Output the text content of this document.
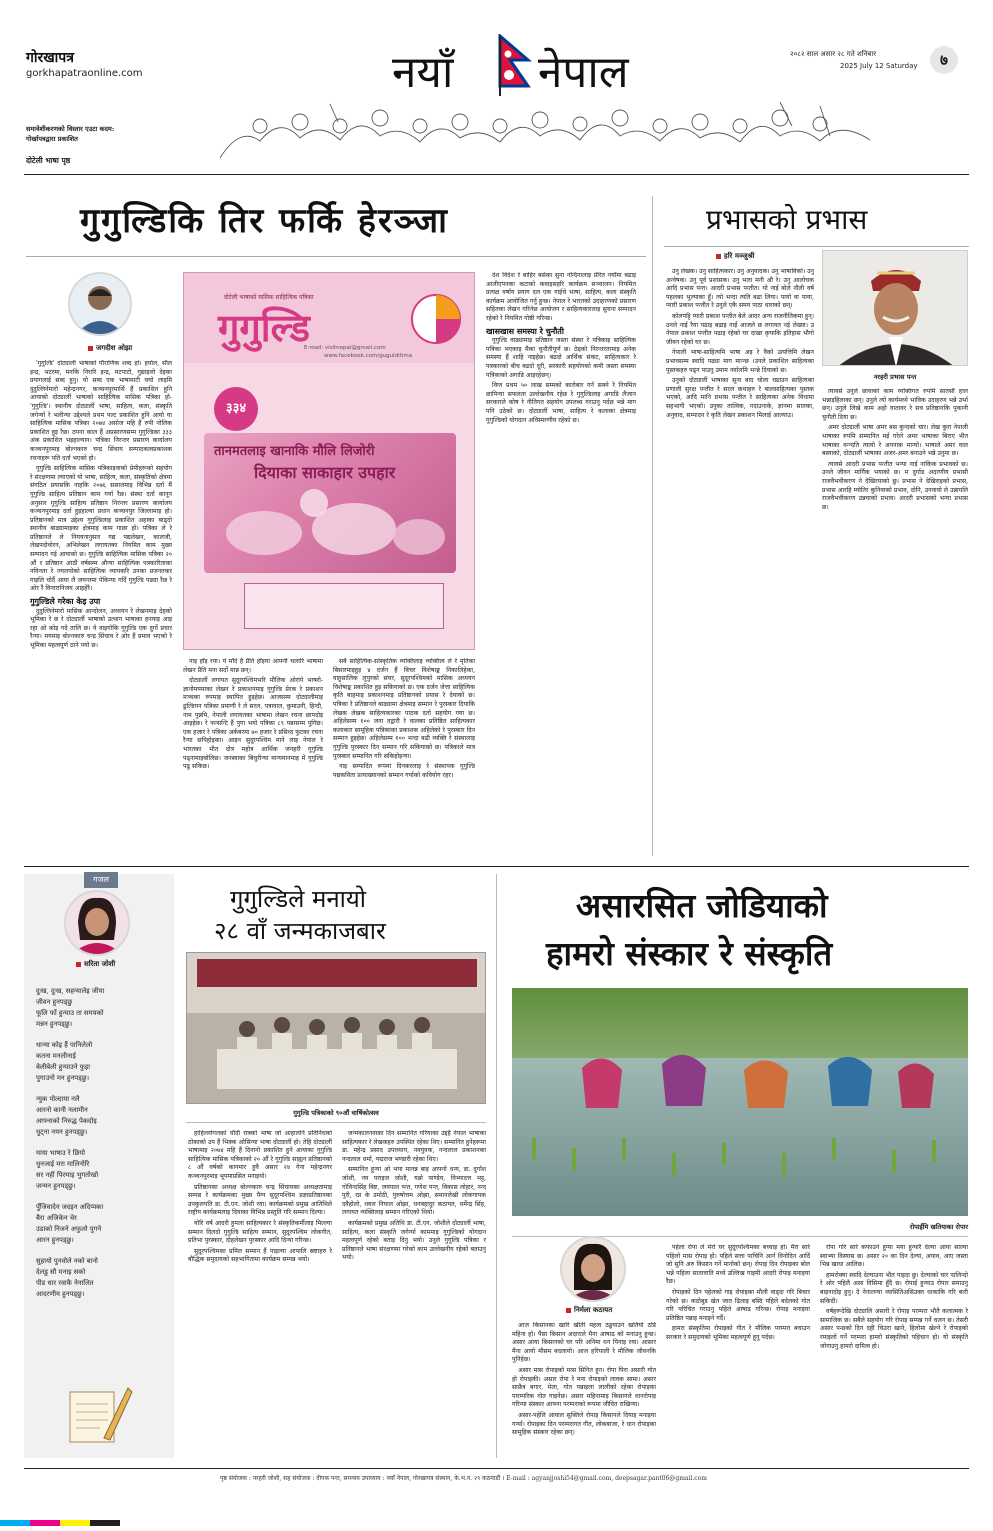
गोरखापत्र
gorkhapatraonline.com
समावेशीकरणको विस्तार एउटा कदम:
गोर्खापत्रद्वारा प्रकाशित
दोटेली भाषा पृष्ठ
नयाँ नेपाल	२०८२ साल असार २८ गते शनिबार
2025 July 12 Saturday	७
गुगुल्डिकि तिर फर्कि हेरञ्जा
जगदीश ओझा

'गुगुल्डि' दोट्यालीं भाषाको पौराणिक शब्द हो। हर्याल, सील इन्द्र, भटरमा, मनकि निरारि इन्द्र, मटपाटो, गुद्याइलो देइका प्रयागलाई सब्द हुनु। यो सब्द एक भाषामाटी चयो लाइमि दुदुल्लिनेमारो महेन्द्रनगर, कञ्चनपुरमार्थि हैं प्रकाशित हुनि आयाको दोट्यालीं भाषाको साहित्यिक मासिक पत्रिका हो- 'गुगुल्डि'। स्थानीय दोट्यालीं भाषा, साहित्य, कला, संस्कृति जगेर्न्या रे भलीन्या उद्देश्यले प्रथम पल्ट प्रकाशित हुनि आयो या साहित्यिक मासिक पत्रिका २०७४ असोज महि हैं रुपी नोलिक प्रकाशित हुइ रैछ। ठपना काल हैं अप्रसारणसम्म गुगुल्डिका ३३३ अंक प्रकाशित भइहाल्यान। पत्रिका निरन्तर प्रसारण कार्यालय कञ्चनपुरमाइ बोल्नकारु चन्द्र सिंचाय सम्पादकत्वप्रकाशक रचनाहरू पति दर्ता भएको हो।

गुगुल्डि साहित्यिक मासिक पत्रिकाइवाको प्रेमीहरूको सहयोग रे संरक्षणमा ल्याएको यो भाषा, साहित्य, कला, संस्कृतिको क्षेत्रमा संगठित प्रयासकि नाहकि २०७६ ससालमाइ विभिन्न दर्ता मैं गुगुल्डि साहित्य प्रतिष्ठान काम गर्या रैछ। संस्था दर्ता कानून अनुसार गुगुल्डि साहित्य प्रतिष्ठान निरन्तर प्रसारण कार्यालय कञ्चनपुरमाइ दर्ता हुइहाल्या प्रधान कञ्चनपुर जिल्लामाइ हो। प्रतिष्ठानको मात्र उद्देश्य गुगुल्डिलाइ प्रकाशित अहाका बाढ्दो स्थानीय बाढ्यामाइका क्षेत्रमाइ काम गाछा हो। पत्रिका ले रे प्रतिष्ठानले ले निययनानुसार गद्य पद्यलेखन, कालजी, लेखपदोवोरन, अभिलेखन लगायतका नियमित काम मुख्य सम्पादन गई आयाको छ। गुगुल्डि साहित्यिक मासिक पत्रिका २० औं र प्रतिष्ठान आठौं वर्षसम्म औन्या साहित्यिक पत्रकारिताका नविनता रे ज्यलपोको साहित्यिक व्यापकरि उनका प्रजनतकर गाइलि चोर्दै आया लै जयन्तमा पेकिन्या गर्दि गुगुल्डि पढ्या रैछ रे ओर रैं विनारानिजय आइहेरै।

गुगुल्डिले गरेका केइ उपा

दुदुल्लिनेमारो मासिक आन्दोलन, अध्ययन रे लेखनमाइ देहको भूमिका रे छ रे दोट्यालीं भाषाको उत्थान भाषाका हनयाइ आइ रहा ओ कोइ गदे तालि छ। ये वाइगोकि गुगुल्डि एक दुर्गो प्रचार रैन्या। मयमाइ बोल्नकारु चन्द्र सिंचाय रे ओर हैं प्रमाव भएको रे भूमिका महत्वपूर्ण ठाने पयो छ।

दोटेली भाषाको मासिक साहित्यिक पत्रिका
गुगुल्डि
E-mail: visitnepal@gmail.com
www.facebook.com/gugulditima
३३४
तानमतलाइ खानाकि मौलि लिजोरी
दियाका साकाहार उपहार

नाइ हाँइ रया। ये माँदे हैं प्रैति हाँइया आफ्नी चलारि भाषामा लेखन प्रैति मना सर्दो मान्न छन्।

दोट्यालीं लगायत सुदूरपश्चिमभरि मौलिक ओरांपे भाषरो-ज्ञानोमयमाका लेखन रे प्रकाशनमाइ गुगुल्डि प्रेरक रे प्रकाशन मञ्चका रुपमाइ स्थापित हुइहेछ। आजसम्म दोट्यालीमाइ ढुल्डियन पत्रिका प्रमाणी रे ले सरल, पत्रावाल, कुमाउनी, हिन्दी, नाम पुन्नमि, नेपाली लगायतका भाषामा लेखन रचना छापदोइ आइहेछ। रे फन्सन्टि हैं पुगा भयो पत्रिका ८९ पन्नासम्म पुगिछ। एक हजार रे पत्रिका अर्कबरमा ७० हजार रे प्रसिध्द फुटका रचना रैन्या छपिहोइका। आइन सुदूरपश्चिम माने लाइ नेपाल रे भारतका भीत दोत्र महोत्र आर्थिक जनहरी गुगुल्डि पढ्नामाइबोलिछ। जनस्वाका बिचुरीन्या मान्यमानमाइ में गुगुल्डि पढु सकिछ।

सबै साहित्यिक-सांस्कृतिक व्यक्तिलाइ व्यक्तित्व ले रे मृतिका बिसारमाइहुइ ४ दर्जन हैं बिचर विशेषाङ्क निकालिहेका, वाहुसालिक लुपुरको संघर, सुदूरपश्चिमको मासिक अध्ययन विशेषाङ्क प्रकाशित हुइ सकियाको छ। एक दर्जन जेत्ता साहित्यिक कृति बाहमाइ प्रकाशनमाइ प्रतिष्ठानको प्रयास रे देयाको छ। पत्रिका रे प्रतिष्ठानले बाढ्यामा क्षेत्रमाइ सम्मान रे पुरस्कार दियाकि लेखक लेखक साहित्यकारका पाठक दर्ता सहयोग गया छ। अहिलेसम्म १०० जना तद्वारी रे वालका प्रतिष्ठित साहित्यकार कलाकार सामूहिक पत्रिकाका प्रकाशक अहिलेको रे पुरस्कार दिन सम्मान हुइहेछ। अहिलेसम्म १०० भन्दा बढी व्यक्ति रे संस्थालाइ गुगुल्डि पुरस्कार दिन सम्मान गरि सकियाको छ। पत्रिकाले मात्र पुरस्कार सम्मानित गरि सकिहोइन्या।

नाइ सम्पादित रूपमा दिनकरलाइ रे संस्थापक गुगुल्डि पद्यकविता प्रत्याख्यानको सम्मान गर्याको कवियोग रहर।

देश विदेश रे बाहिर बसेका सुना नन्दिनालाइ प्रेरित नयाँमा बढाइ आलीएपनका कटाको कवाइसहरि कार्यक्रम सञ्चालन। नियमित प्रत्यक्ष वर्षाय प्रयाग दल एक गाईचे भाषा, साहित्य, कला संस्कृति कार्यक्रम आयोजित गर्नु हुन्छ। नेपाल रे भारतको उदाहरणको प्रसारण सहितका लेखन गरिनेछ आयोजन र साहित्यकारलाइ सुचना सम्पादन रहेको रे नियमित गोष्ठी गरिन्छ।

खासखास समस्या रे चुनौती

गुगुल्डि वाढ्यामाइ प्रतिष्ठान जस्ता संस्था रे पत्रिकाइ साहित्यिक पत्रिका भएकाइ मैका चुनौतीपूर्ण छ। ठेइको निरन्तरतामाइ अनेक समस्या हैं शाहि नाइहेछ। बढदो आर्थिक संकट, साहित्यकार रे पत्रकारको बीच बढदो दूरी, सरकारी सहयोगको कमी जस्ता समस्या पत्रिकाको अगाडि आइरहेछन्।

विग्त प्रथम ५० लाख सम्मको कारोबार गर्न सक्ने रे नियमित छापिन्या सफलता उल्लेखनीय रहेछ रे गुगुल्डिलाइ अगाडि लैजान सरकारले कोष रे नीतिगत सहयोग उपलब्ध गराउनु पर्दछ भन्ने माग पनि उठेको छ। दोट्यालीं भाषा, साहित्य रे कलाका क्षेत्रमाइ गुगुल्डिको योगदान अविस्मरणीय रहेको छ।

प्रभासको प्रभास
हरि मञ्जुश्री

उनु लेखक। उनु साहित्यकार। उनु अनुवादक। उनु भाषाविको। उनु अन्वेषक। उनु पूर्व प्रशासक। उनु भला मनी औ रे। उनु आलोचक आदि प्रभास पन्त। आदरी प्रभास पन्तीत। यो नाई बोले नौली वर्ष पहलका भुल्याका हुँ। त्यो भन्दा त्यति बढा लिया। पायो वा पाया, प्यारी प्रकाश पन्तीत रे उनुले एकै समय पाठा धाराको छन्।

कोलपट्टि प्यारी प्रकाश पन्तीत बेले आदर अन्य राजनीतिकमा हुन्। उनले नाई रैया पढाइ बढाइ नार्ई आजले छ लगायत नई लेख्या। उ नेपाल प्रकाश पन्तीत पढाइ रहेको घर दाखा कृयाकि इतिहास भौगो जीवन रहेको घर छ।

नेपाली भाषा-साहित्यमि भाषा अइ रे वैको उत्पत्तिमि लेखन प्रभावसम्म स्वादि पढ्या माग मान्न्छ ।उनले प्रकाशित साहित्यका पुस्तकहरु पढ्न पाउनु उमाम नर्वालमि भन्न्ने दियाको छ।

उनुको दोट्यालीं भाषाका सुना बाद चोला चढाउन साहित्यका प्रणाली सुरक्ष पन्तीत रे सरल कथाहरु रे बालसाहित्यका पुस्तक भएको, आदि मानि प्रभास पन्तीत रे साहित्यका अनेक विधामा सहभागी भएको। उनुका तात्विक, गदाउनाके, ज्ञानमा सातका, अनुवाद, सम्पादन रे कृति लेखन प्रकाशन मिलाई आल्याउ।

नरहरी प्रभास पन्त

त्यावसे उनुले छावाको काम व्यक्तिगत रुपमि सातसौं हाल भन्नाइहिलाका छन्। उनुले त्यो कार्यमध्ये भाविक उदाहरण भन्ने उर्भा छन्। उनुले लिखे काम अहो वातावर रे सत्र प्रतिष्ठानकि पुकानी चुनौती दिया छ।

अमर दोट्यालीं भाषा अमर बस कुन्दको चार। लेख कुरा नेपाली भाषाका रुपमि सम्मानित मई गरेले अमर भाषाका बिराए भीत भाषाका वन्न्दति त्यावो रे अपनाक मान्यो। भाषाले अमर वाल बस्याको, दोट्यालीं भाषाका अजर-अमर बनाउने भन्ने उनुमा छ।

त्यावसे आदरी प्रभास पन्तीत भन्या नाई नाकिक प्रभावको छ। उनले जीवन मार्गिक भयाको छ। म दुर्गाड अदरणीय प्रभासी राजवैभवीकरण ने देखिरयाको छु। प्रभास ने देखिराइको प्रभास, प्रभास आरहि म्योतिर कुनिवाको प्रभाव, दोनि, उनवावो ले उन्नायलि राजवैभवीकरण उन्नयाको प्रभाव। आदरी प्रभासको भन्या प्रभास छ।

गजल
सरिता जोशी

दुःख, दुःख, सहन्यालेइ जीया

जीवन हुनपड्छु

फूलि फों हुन्याउ ता समयको

मन्नन हुनपड्छु।

धान्या कोइ हैं पानिलेलो

कतना मनलीनाई

बेलीबेली हुन्याउने फुइा

पुगाउनो मन हुनपड्छु।

न्युक पोल्दाया नलै

आरनो कानी नलामीन

आफ्नाको निरुद्ध पेकदोइ

धुट्ना नयन हुनपड्छु।

माया भाषाउ रे छियो

धुनजाई मरा मालिनोरि

सर नहीं पिरमाइ भुगतोखो

जन्मन हुनपड्छु।

पुँजिवादेन जदइन अदिप्पका

बैरा अजिकेन चेर

उडाको निजने अफुलो पुगने

आरन हुनपड्छु।

सुहायो पुनवोले नको बानो

देलडु सौ मनाइ सको

पीड धार रवाकै नेनालित

आदरणीय हुनपड्छु।

गुगुल्डिले मनायो
२८ वाँ जन्मकाजबार
गुगुल्डि पत्रिकाको ९०औं वार्षिकोत्सव

हाहिल्लोगलको धौदी राक्को भाषा जो आहालनि प्रतिनिधको ठोकाको उप हैं भिक्क ओसिन्या भाषा दोट्यालीं हो। तेहि दोट्यालीं भाषामाइ २०७४ महि हैं दिनानो प्रकाशित हुने आयाका गुगुल्डि साहित्यिक मासिक पत्रिकाको २० औं रे गुगुल्डि साह्यन प्रतिष्ठानको ८ औं वर्षको कानमार हुवै असार २४ गेना महेन्द्रनगर कञ्चनपुरमाइ भूपमाप्रसित मनाइयो।

प्रतिष्ठानका अध्यक्ष बोल्नकारु चन्द्र सिंचायका अध्यक्षतामाइ सम्पन्न रे कार्यक्रमका मुख्य पैग्न सुदूरपश्चिम प्रज्ञाप्रतिष्ठानका उपकुलपति डा. टी.एन. जोशी रया। कार्यक्रमको प्रमुख आतिथिले राष्ट्रीय कार्यक्रमलाइ दियाका विभिन्न प्रस्तुति गरि सम्मान दिल्या।

योरि वर्ष आदरी हुमला साहित्यकार रे संस्कृतिकर्मीलाइ मिल्ल्या सम्मान दिलदो गुगुल्डि साहित्य सम्मान, सुदूरपश्चिम लोकगीत, प्रतिभा पुरस्कार, दोहलेखन पुरस्कार आदि दिन्या गरिन्छ।

सुदूरपश्चिमका प्रमिल सम्मान हैं पाइल्या आपालि स्रष्टाहरु रे बौद्धिक समुदायको सहभागितामा कार्यक्रम सम्पन्न भयो।

जन्मकालनवाका दिन सम्मानित गरियाका उद्दहै नेपाल भाषाका साहित्यकार रे लेखकहरु उपस्थित रहेका थिए। सम्मानित हुनेहरूमा डा. महेन्द्र प्रसाद उपाध्याय, नवयुवक, नन्दलाल प्रकाशनका नन्दलाल धर्मा, पद्मराज भण्डारी रहेका थिए।

सम्मानित हुन्या ओ भया मानन्न बाइ आफ्नो धन्य, डा. दुर्गाश जोशी, नव पराइज जोशी, यन्नो पाण्डेय, विभ्यादत्त भट्ट, गोविन्दसिंह बिष्ट, जयपाल पन्त, गणेश पन्त, विकास लोहार, नन्द पुरी, रप्न के उमोठी, पुरुषोत्तम ओझा, समानलेखी लोकगायक दवैहोलो, धवल नियाल ओझा, धनबहादुर कठायत, धर्मेन्द्र सिंह, लगायत व्यक्तिलाइ सम्मान गरिएको थियो।

कार्यक्रमको प्रमुख अतिथि डा. टी.एन. जोशीले दोट्यालीं भाषा, साहित्य, कला संस्कृति जगेर्न्या काममाइ गुगुल्डिको योगदान महत्वपूर्ण रहेको बताइ दिनु भयो। उनुले गुगुल्डि पत्रिका र प्रतिष्ठानले भाषा संरक्षणमा गरेको काम उल्लेखनीय रहेको बताउनु भयो।

असारसित जोडियाको
हामरो संस्कार रे संस्कृति
रोपाईंमि खतियाका रोपार
निर्मला कठायत

आज किसानका खारि खीती महत्व ठड्डयाउन खतियो ठडि महिना हो। पैसा किसान अदाराले मैना आषाढ को मनाउनु हुन्छ। असार आया किसानको घर परि अनिमा धन पिनाइ रया। आसार मैना आयो मौसम बदलायो। आज हरियाली रे मौलिक जीवनकि पुनिहेछ।

असार मास रोपाइको मास सिनित हुन। रोपा पिरा असारी गोत हो रोपाइकी। असार रोपा रे मना रोपाइको लावक सामा। असार साछैत्र बगार, मेला, गोत पन्नाइला लालीको रहेका रोपाइका पारम्परिक गोत गाइनेछ। असार महिनामाइ किसानले धानरोपाइ गरिन्या संस्कार आफ्ना परम्पराको रूपमा जीवित राखिन्या।

असार-पहेलि आवाल सुक्तिले रोपाइ किसानले दियाइ मनाइया गर्न्या। रोपाइका दिन परम्परागत गीत, लोकबाजा, रे धान रोपाइका सामूहिक संस्कार रहेका छन्।

पहेला रोपा ले मेरो घर सुदूरपश्चिमका बच्चाइ हो। मैरा सार्र पहिलो मास रोपाइ हो। पहिले सत्ता पाचिनि आर्न विनोदिन आर्दि जो सुनि अरु किसान गर्ने मानोको छन्। रोपाइ दिन रोपाइका बोल भन्ने पहिला सातावाति मध्ये उल्लिख गाइमी आदरी रोपाइ मनाइया रैछ।

रोपाइको दिन पहेलको गाइ रोपाइका मौली वाड्दा गरि बिचार गरेको छ। कठोबुड खेत जात ढिलाइ बस्दि पहिले बदेलको गोत गरि परिचित गराउनु पहिले आषाढ गरिन्छ। रोपाइ मनाइया प्रतिष्ठित पन्नाइ मनाइने गर्दै।

हामरा संस्कृतिमा रोपाइको गीत रे मौलिक परम्परा बचाउन सरकार रे समुदायको भूमिका महत्वपूर्ण हुनु पर्दछ।

रोपा गरि सारे कफाउने हुन्या मया हुन्यारै देल्या आया साल्या स्वाभ्या विस्यास छ। असार २० का दिन देल्या, अयाव, आए जस्ता भिन्न खाधा आलिछ।

हामरोक्या स्वादि देल्याउना भौत पाइदा छु। देल्याको चार पालिन्दो रे ओर पहिलै असा विसिमा हुँदै छ। रोपाई हुन्याउ रोपार समाउनु बाइनादोइ हुनु। दे नेनालन्या व्यासितिअसिउक्त धाकाकि गरि बारी सकिदी।

वर्षहरूदेखि दोट्यालि असारी रे रोपाइ परम्परा भौतै कलात्मक रे सामाजिक छ। सबैले सहयोग गरि रोपाइ सम्पन्न गर्ने चलन छ। तेसरी असार पन्ध्रको दिन दही चिउरा खाने, हिलोमा खेल्ने रे रोपाइको रमाइलो गर्ने परम्परा हामरो संस्कृतिको पहिचान हो। यो संस्कृति जोगाउनु हामरो दायित्व हो।

पृष्ठ संयोजक : नरहरी जोशी, सह संयोजक : दीपक पन्त, समन्वय उपाध्याय : नयाँ नेपाल, गोरखापत्र संस्थान, के.भ.न. २९ कठमाडौं । E-mail : agyanjjoshi54@gmail.com, deepsagar.pant06@gmail.com
